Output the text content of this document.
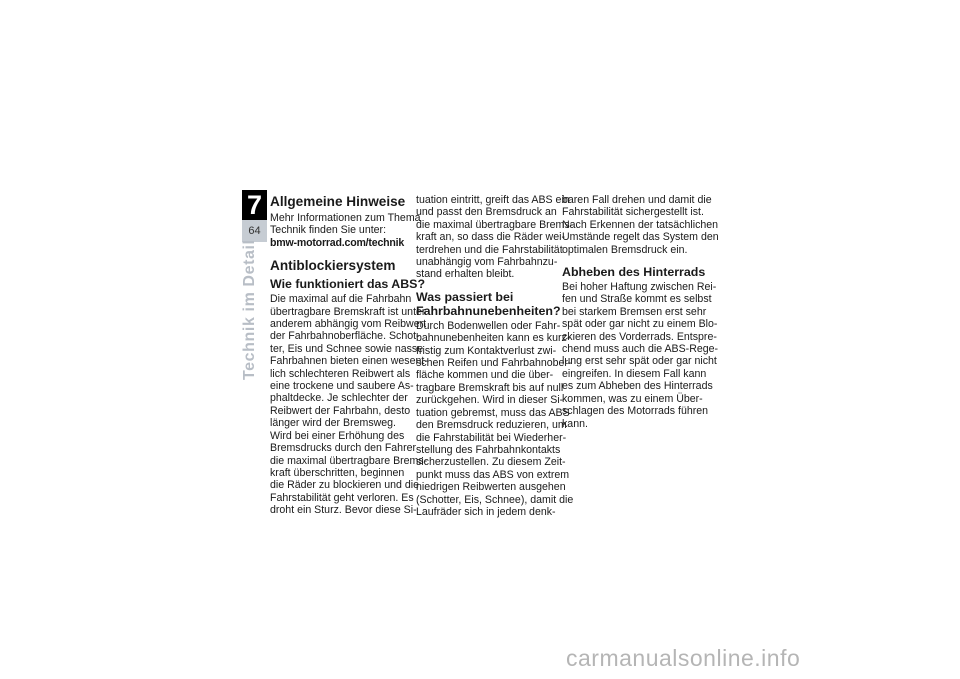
7
64
Technik im Detail
Allgemeine Hinweise

Mehr Informationen zum Thema

Technik finden Sie unter:

bmw-motorrad.com/technik

Antiblockiersystem
Wie funktioniert das ABS?

Die maximal auf die Fahrbahn

übertragbare Bremskraft ist unter

anderem abhängig vom Reibwert

der Fahrbahnoberfläche. Schot-

ter, Eis und Schnee sowie nasse

Fahrbahnen bieten einen wesent-

lich schlechteren Reibwert als

eine trockene und saubere As-

phaltdecke. Je schlechter der

Reibwert der Fahrbahn, desto

länger wird der Bremsweg.

Wird bei einer Erhöhung des

Bremsdrucks durch den Fahrer

die maximal übertragbare Brems-

kraft überschritten, beginnen

die Räder zu blockieren und die

Fahrstabilität geht verloren. Es

droht ein Sturz. Bevor diese Si-

tuation eintritt, greift das ABS ein

und passt den Bremsdruck an

die maximal übertragbare Brems-

kraft an, so dass die Räder wei-

terdrehen und die Fahrstabilität

unabhängig vom Fahrbahnzu-

stand erhalten bleibt.

Was passiert bei
Fahrbahnunebenheiten?

Durch Bodenwellen oder Fahr-

bahnunebenheiten kann es kurz-

fristig zum Kontaktverlust zwi-

schen Reifen und Fahrbahnober-

fläche kommen und die über-

tragbare Bremskraft bis auf null

zurückgehen. Wird in dieser Si-

tuation gebremst, muss das ABS

den Bremsdruck reduzieren, um

die Fahrstabilität bei Wiederher-

stellung des Fahrbahnkontakts

sicherzustellen. Zu diesem Zeit-

punkt muss das ABS von extrem

niedrigen Reibwerten ausgehen

(Schotter, Eis, Schnee), damit die

Laufräder sich in jedem denk-

baren Fall drehen und damit die

Fahrstabilität sichergestellt ist.

Nach Erkennen der tatsächlichen

Umstände regelt das System den

optimalen Bremsdruck ein.

Abheben des Hinterrads

Bei hoher Haftung zwischen Rei-

fen und Straße kommt es selbst

bei starkem Bremsen erst sehr

spät oder gar nicht zu einem Blo-

ckieren des Vorderrads. Entspre-

chend muss auch die ABS-Rege-

lung erst sehr spät oder gar nicht

eingreifen. In diesem Fall kann

es zum Abheben des Hinterrads

kommen, was zu einem Über-

schlagen des Motorrads führen

kann.

carmanualsonline.info
